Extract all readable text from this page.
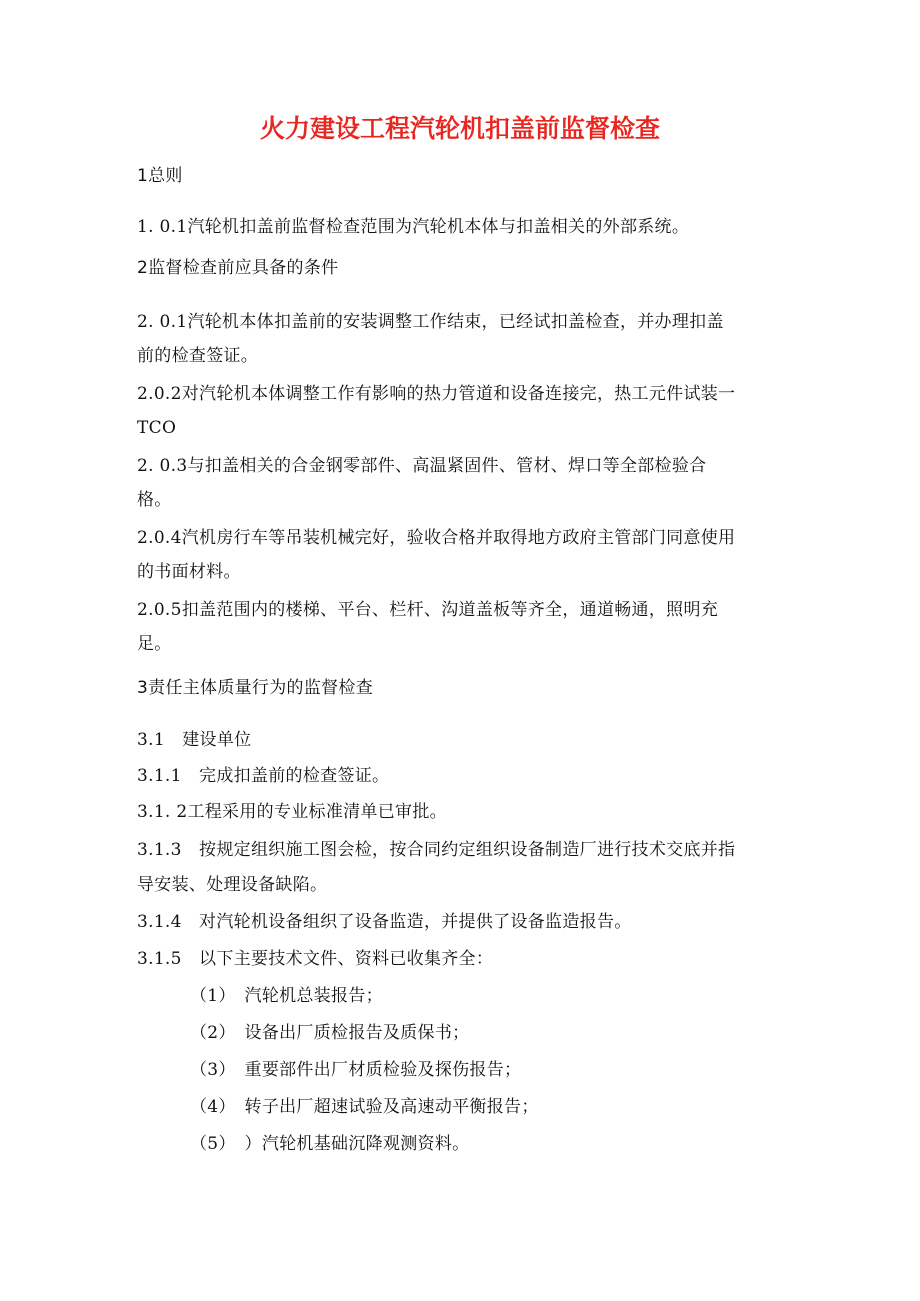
火力建设工程汽轮机扣盖前监督检查
1总则
1. 0.1汽轮机扣盖前监督检查范围为汽轮机本体与扣盖相关的外部系统。
2监督检查前应具备的条件
2. 0.1汽轮机本体扣盖前的安装调整工作结束，已经试扣盖检查，并办理扣盖
前的检查签证。
2.0.2对汽轮机本体调整工作有影响的热力管道和设备连接完，热工元件试装一
TCO
2. 0.3与扣盖相关的合金钢零部件、高温紧固件、管材、焊口等全部检验合
格。
2.0.4汽机房行车等吊装机械完好，验收合格并取得地方政府主管部门同意使用
的书面材料。
2.0.5扣盖范围内的楼梯、平台、栏杆、沟道盖板等齐全，通道畅通，照明充
足。
3责任主体质量行为的监督检查
3.1　建设单位
3.1.1　完成扣盖前的检查签证。
3.1. 2工程采用的专业标准清单已审批。
3.1.3　按规定组织施工图会检，按合同约定组织设备制造厂进行技术交底并指
导安装、处理设备缺陷。
3.1.4　对汽轮机设备组织了设备监造，并提供了设备监造报告。
3.1.5　以下主要技术文件、资料已收集齐全：
（1）　汽轮机总装报告；
（2）　设备出厂质检报告及质保书；
（3）　重要部件出厂材质检验及探伤报告；
（4）　转子出厂超速试验及高速动平衡报告；
（5）　）汽轮机基础沉降观测资料。
